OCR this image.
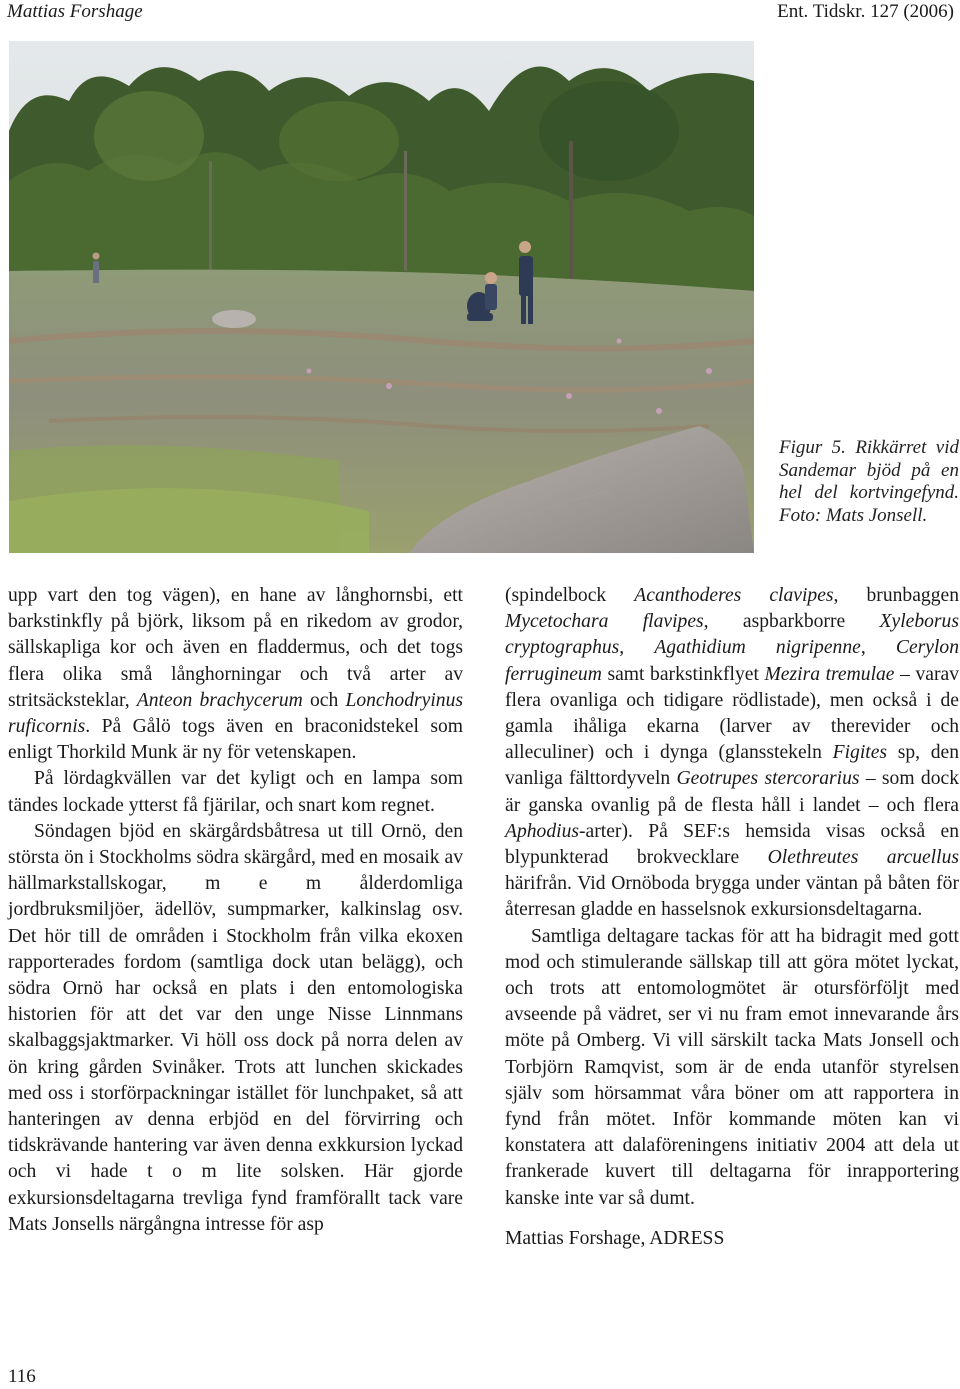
Mattias Forshage	Ent. Tidskr. 127 (2006)
Figur 5. Rikkärret vid Sandemar bjöd på en hel del kortvingefynd. Foto: Mats Jonsell.

upp vart den tog vägen), en hane av långhornsbi, ett barkstinkfly på björk, liksom på en rikedom av grodor, sällskapliga kor och även en fladdermus, och det togs flera olika små långhorningar och två arter av stritsäcksteklar, Anteon brachycerum och Lonchodryinus ruficornis. På Gålö togs även en braconidstekel som enligt Thorkild Munk är ny för vetenskapen.

På lördagkvällen var det kyligt och en lampa som tändes lockade ytterst få fjärilar, och snart kom regnet.

Söndagen bjöd en skärgårdsbåtresa ut till Ornö, den största ön i Stockholms södra skärgård, med en mosaik av hällmarkstallskogar, m e m ålderdomliga jordbruksmiljöer, ädellöv, sumpmarker, kalkinslag osv. Det hör till de områden i Stockholm från vilka ekoxen rapporterades fordom (samtliga dock utan belägg), och södra Ornö har också en plats i den entomologiska historien för att det var den unge Nisse Linnmans skalbaggsjaktmarker. Vi höll oss dock på norra delen av ön kring gården Svinåker. Trots att lunchen skickades med oss i storförpackningar istället för lunchpaket, så att hanteringen av denna erbjöd en del förvirring och tidskrävande hantering var även denna exkkursion lyckad och vi hade t o m lite solsken. Här gjorde exkursionsdeltagarna trevliga fynd framförallt tack vare Mats Jonsells närgångna intresse för asp

(spindelbock Acanthoderes clavipes, brunbaggen Mycetochara flavipes, aspbarkborre Xyleborus cryptographus, Agathidium nigripenne, Cerylon ferrugineum samt barkstinkflyet Mezira tremulae – varav flera ovanliga och tidigare rödlistade), men också i de gamla ihåliga ekarna (larver av therevider och alleculiner) och i dynga (glansstekeln Figites sp, den vanliga fälttordyveln Geotrupes stercorarius – som dock är ganska ovanlig på de flesta håll i landet – och flera Aphodius-arter). På SEF:s hemsida visas också en blypunkterad brokvecklare Olethreutes arcuellus härifrån. Vid Ornöboda brygga under väntan på båten för återresan gladde en hasselsnok exkursionsdeltagarna.

Samtliga deltagare tackas för att ha bidragit med gott mod och stimulerande sällskap till att göra mötet lyckat, och trots att entomologmötet är otursförföljt med avseende på vädret, ser vi nu fram emot innevarande års möte på Omberg. Vi vill särskilt tacka Mats Jonsell och Torbjörn Ramqvist, som är de enda utanför styrelsen själv som hörsammat våra böner om att rapportera in fynd från mötet. Inför kommande möten kan vi konstatera att dalaföreningens initiativ 2004 att dela ut frankerade kuvert till deltagarna för inrapportering kanske inte var så dumt.

Mattias Forshage, ADRESS

116
